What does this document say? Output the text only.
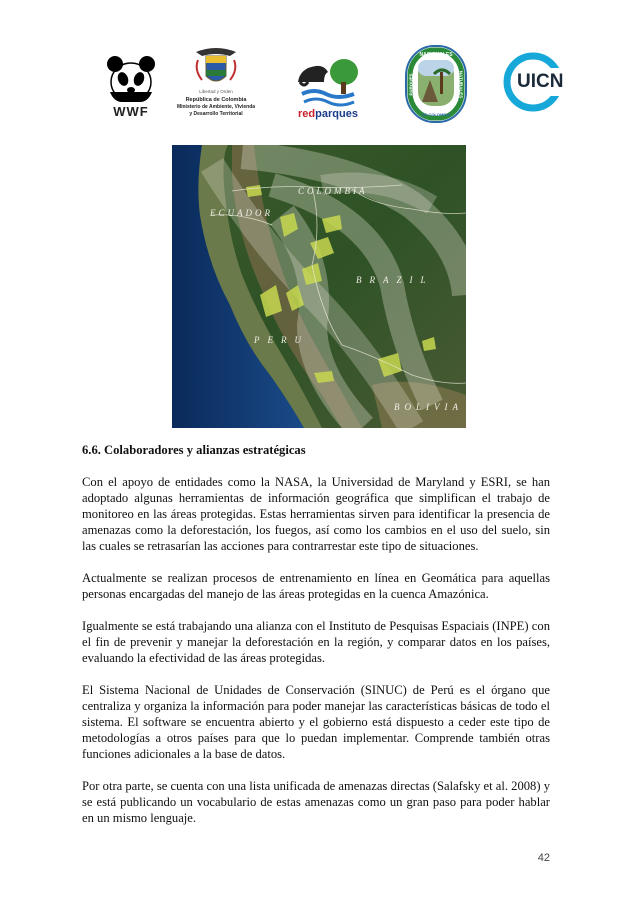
WWF
Libertad y Orden
República de Colombia
Ministerio de Ambiente, Vivienda
y Desarrollo Territorial	redparques
NACIONALES
PARQUES	NATURALES
DE COLOMBIA
UICN
COLOMBIA
ECUADOR
BRAZIL
PERU
BOLIVIA
6.6. Colaboradores y alianzas estratégicas

Con el apoyo de entidades como la NASA, la Universidad de Maryland y ESRI, se han adoptado algunas herramientas de información geográfica que simplifican el trabajo de monitoreo en las áreas protegidas. Estas herramientas sirven para identificar la presencia de amenazas como la deforestación, los fuegos, así como los cambios en el uso del suelo, sin las cuales se retrasarían las acciones para contrarrestar este tipo de situaciones.

Actualmente se realizan procesos de entrenamiento en línea en Geomática para aquellas personas encargadas del manejo de las áreas protegidas en la cuenca Amazónica.

Igualmente se está trabajando una alianza con el Instituto de Pesquisas Espaciais (INPE) con el fin de prevenir y manejar la deforestación en la región, y comparar datos en los países, evaluando la efectividad de las áreas protegidas.

El Sistema Nacional de Unidades de Conservación (SINUC) de Perú es el órgano que centraliza y organiza la información para poder manejar las características básicas de todo el sistema. El software se encuentra abierto y el gobierno está dispuesto a ceder este tipo de metodologías a otros países para que lo puedan implementar. Comprende también otras funciones adicionales a la base de datos.

Por otra parte, se cuenta con una lista unificada de amenazas directas (Salafsky et al. 2008) y se está publicando un vocabulario de estas amenazas como un gran paso para poder hablar en un mismo lenguaje.

42
